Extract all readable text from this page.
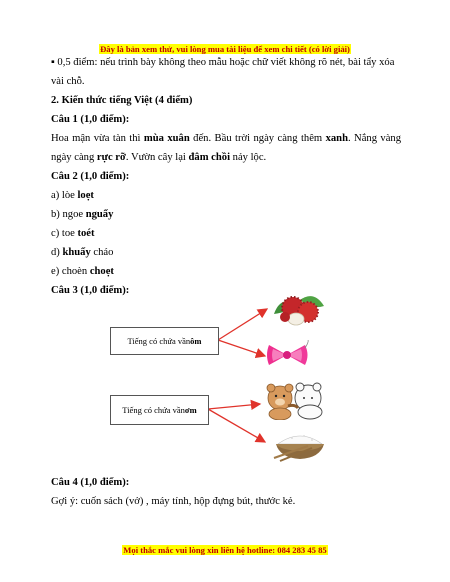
Đây là bản xem thử, vui lòng mua tài liệu để xem chi tiết (có lời giải)
▪ 0,5 điểm: nếu trình bày không theo mẫu hoặc chữ viết không rõ nét, bài tẩy xóa
vài chỗ.
2. Kiến thức tiếng Việt (4 điểm)
Câu 1 (1,0 điểm):
Hoa mận vừa tàn thì mùa xuân đến. Bầu trời ngày càng thêm xanh. Nắng vàng
ngày càng rực rỡ. Vườn cây lại đâm chồi nảy lộc.
Câu 2 (1,0 điểm):
a) lòe loẹt
b) ngoe nguẩy
c) toe toét
d) khuấy cháo
e) choèn choẹt
Câu 3 (1,0 điểm):
Câu 4 (1,0 điểm):
Gợi ý: cuốn sách (vở) , máy tính, hộp đựng bút, thước kẻ.
Tiếng có chứa vần ôm
Tiếng có chứa vần ơm
Mọi thắc mắc vui lòng xin liên hệ hotline: 084 283 45 85
